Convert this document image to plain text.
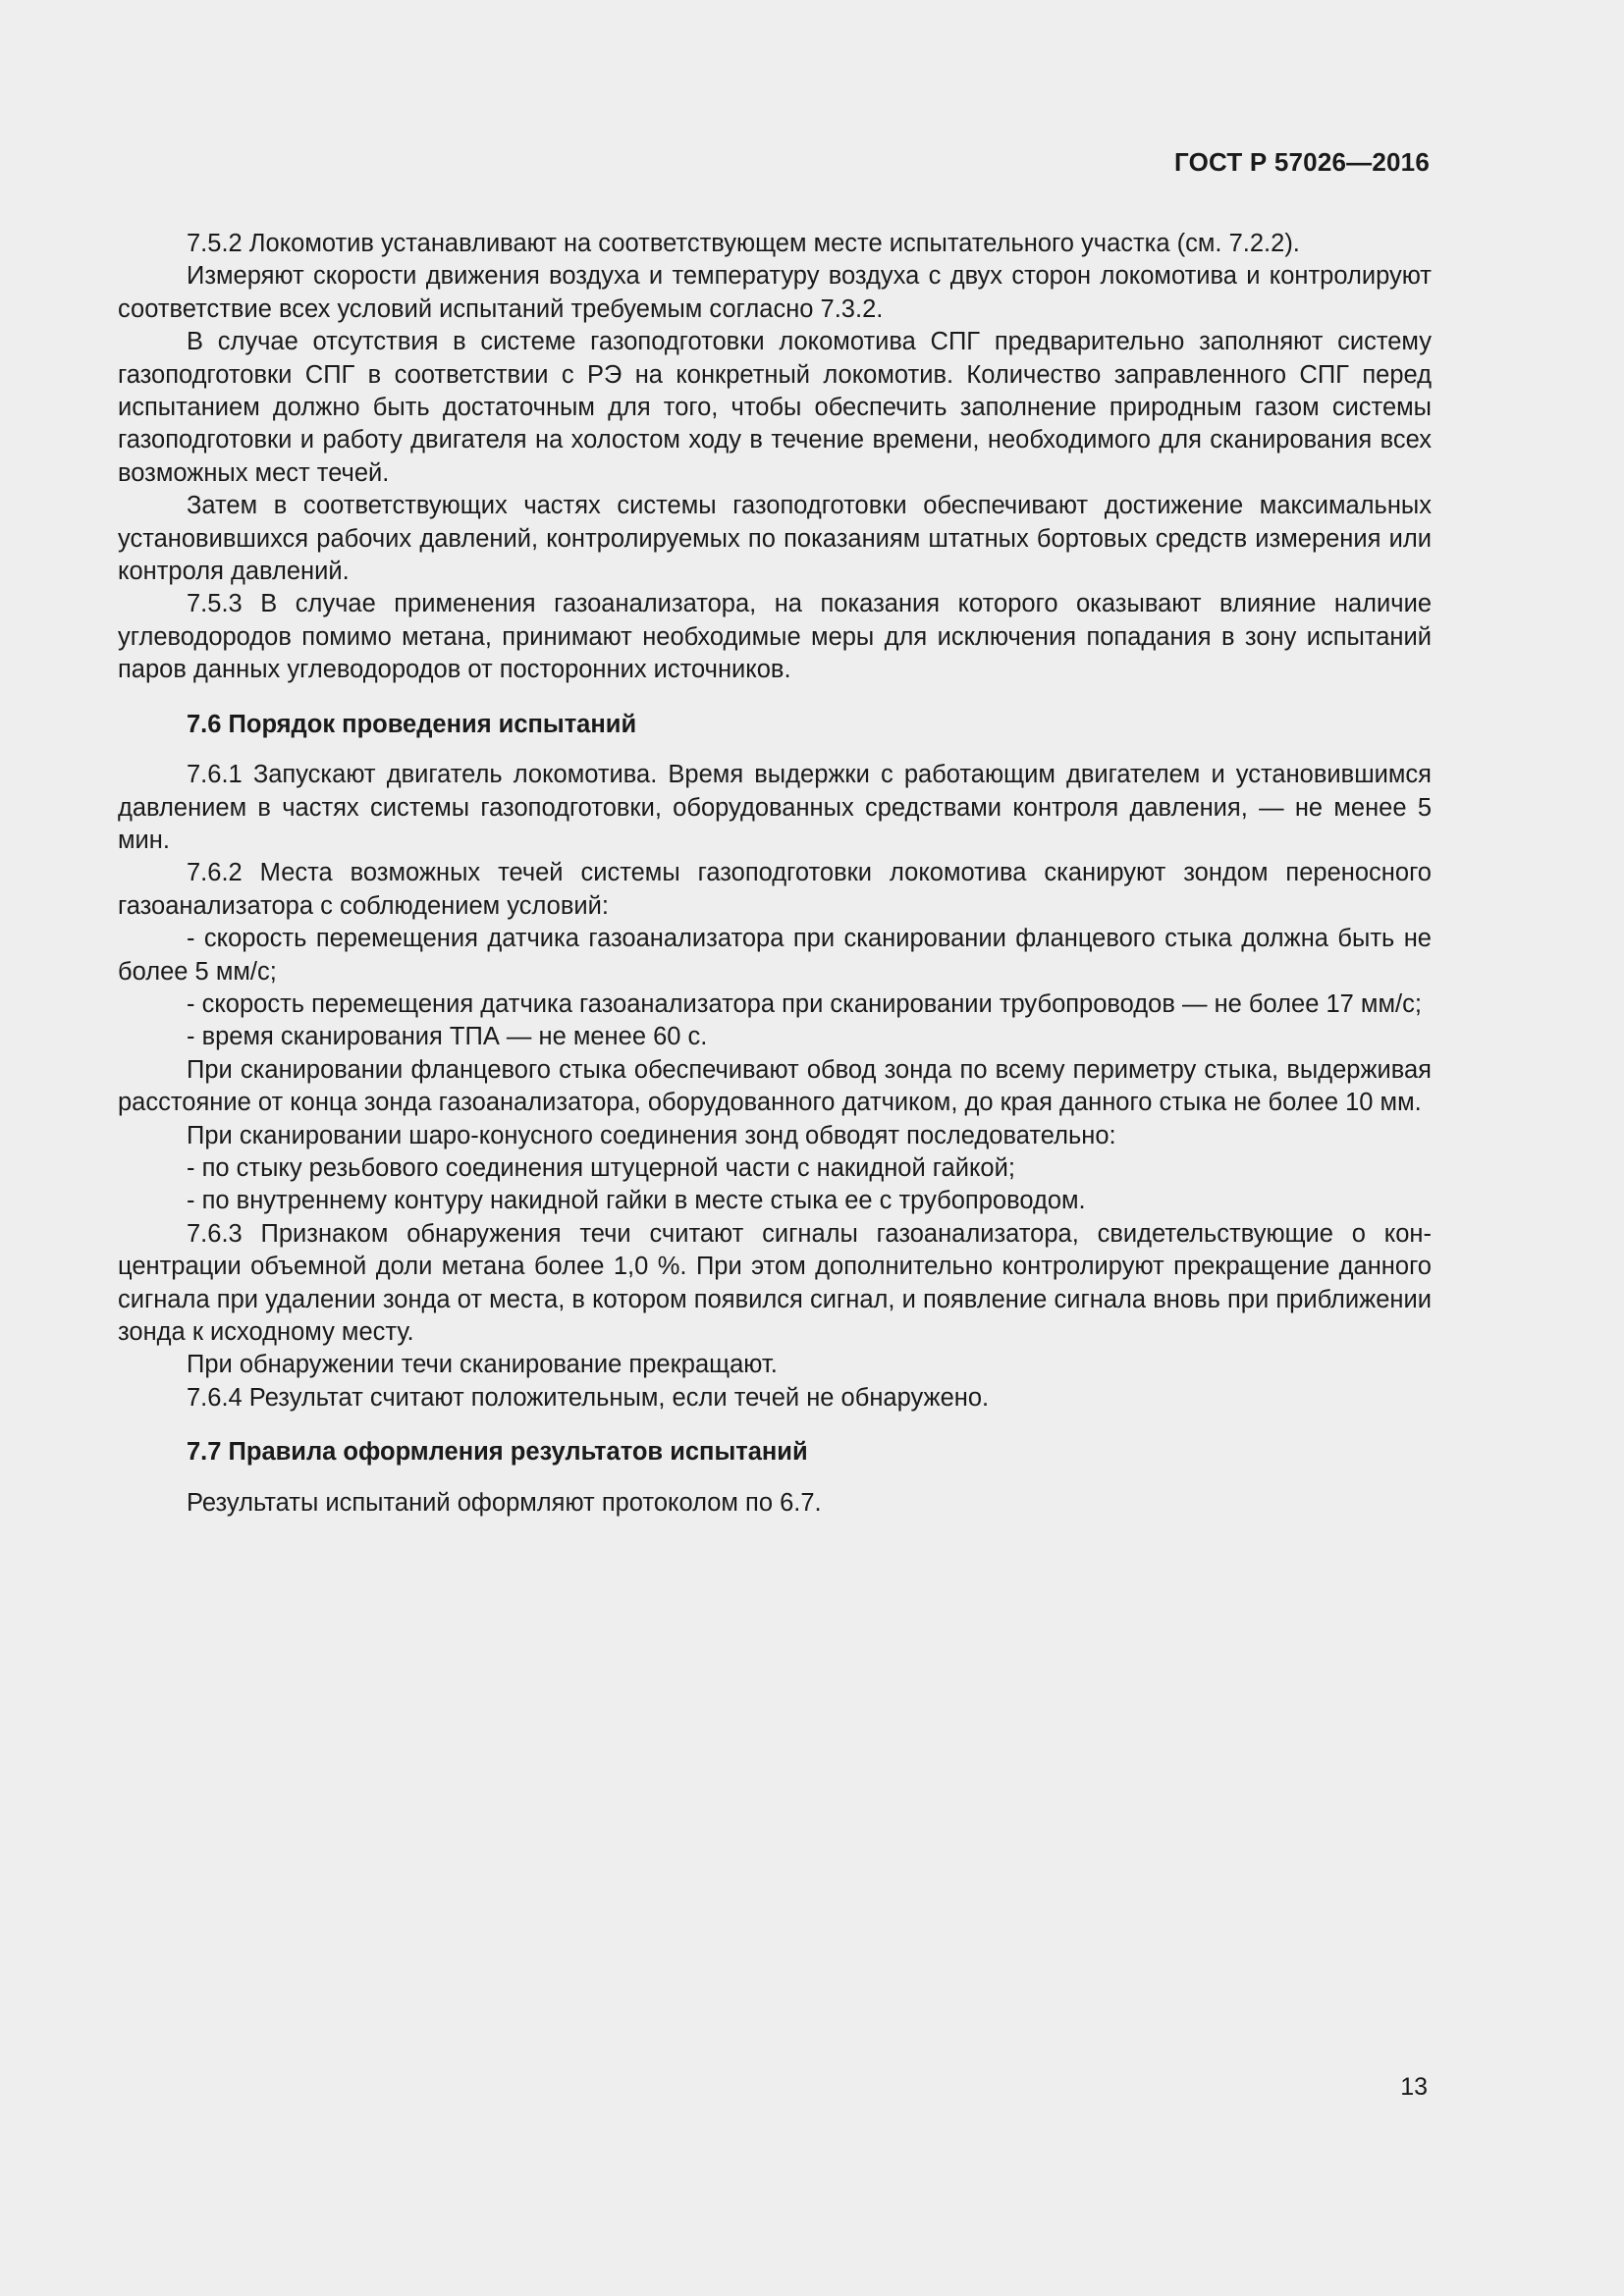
ГОСТ Р 57026—2016

7.5.2 Локомотив устанавливают на соответствующем месте испытательного участка (см. 7.2.2).

Измеряют скорости движения воздуха и температуру воздуха с двух сторон локомотива и контролируют соответствие всех условий испытаний требуемым согласно 7.3.2.

В случае отсутствия в системе газоподготовки локомотива СПГ предварительно заполняют систему газоподготовки СПГ в соответствии с РЭ на конкретный локомотив. Количество заправленного СПГ перед испытанием должно быть достаточным для того, чтобы обеспечить заполнение природным газом системы газоподготовки и работу двигателя на холостом ходу в течение времени, необходимого для сканирования всех возможных мест течей.

Затем в соответствующих частях системы газоподготовки обеспечивают достижение максимальных установившихся рабочих давлений, контролируемых по показаниям штатных бортовых средств измерения или контроля давлений.

7.5.3 В случае применения газоанализатора, на показания которого оказывают влияние наличие углеводородов помимо метана, принимают необходимые меры для исключения попадания в зону испытаний паров данных углеводородов от посторонних источников.

7.6 Порядок проведения испытаний

7.6.1 Запускают двигатель локомотива. Время выдержки с работающим двигателем и установившимся давлением в частях системы газоподготовки, оборудованных средствами контроля давления, — не менее 5 мин.

7.6.2 Места возможных течей системы газоподготовки локомотива сканируют зондом переносного газоанализатора с соблюдением условий:

- скорость перемещения датчика газоанализатора при сканировании фланцевого стыка должна быть не более 5 мм/с;

- скорость перемещения датчика газоанализатора при сканировании трубопроводов — не более 17 мм/с;

- время сканирования ТПА — не менее 60 с.

При сканировании фланцевого стыка обеспечивают обвод зонда по всему периметру стыка, выдерживая расстояние от конца зонда газоанализатора, оборудованного датчиком, до края данного стыка не более 10 мм.

При сканировании шаро-конусного соединения зонд обводят последовательно:

- по стыку резьбового соединения штуцерной части с накидной гайкой;

- по внутреннему контуру накидной гайки в месте стыка ее с трубопроводом.

7.6.3 Признаком обнаружения течи считают сигналы газоанализатора, свидетельствующие о концентрации объемной доли метана более 1,0 %. При этом дополнительно контролируют прекращение данного сигнала при удалении зонда от места, в котором появился сигнал, и появление сигнала вновь при приближении зонда к исходному месту.

При обнаружении течи сканирование прекращают.

7.6.4 Результат считают положительным, если течей не обнаружено.

7.7 Правила оформления результатов испытаний

Результаты испытаний оформляют протоколом по 6.7.

13
